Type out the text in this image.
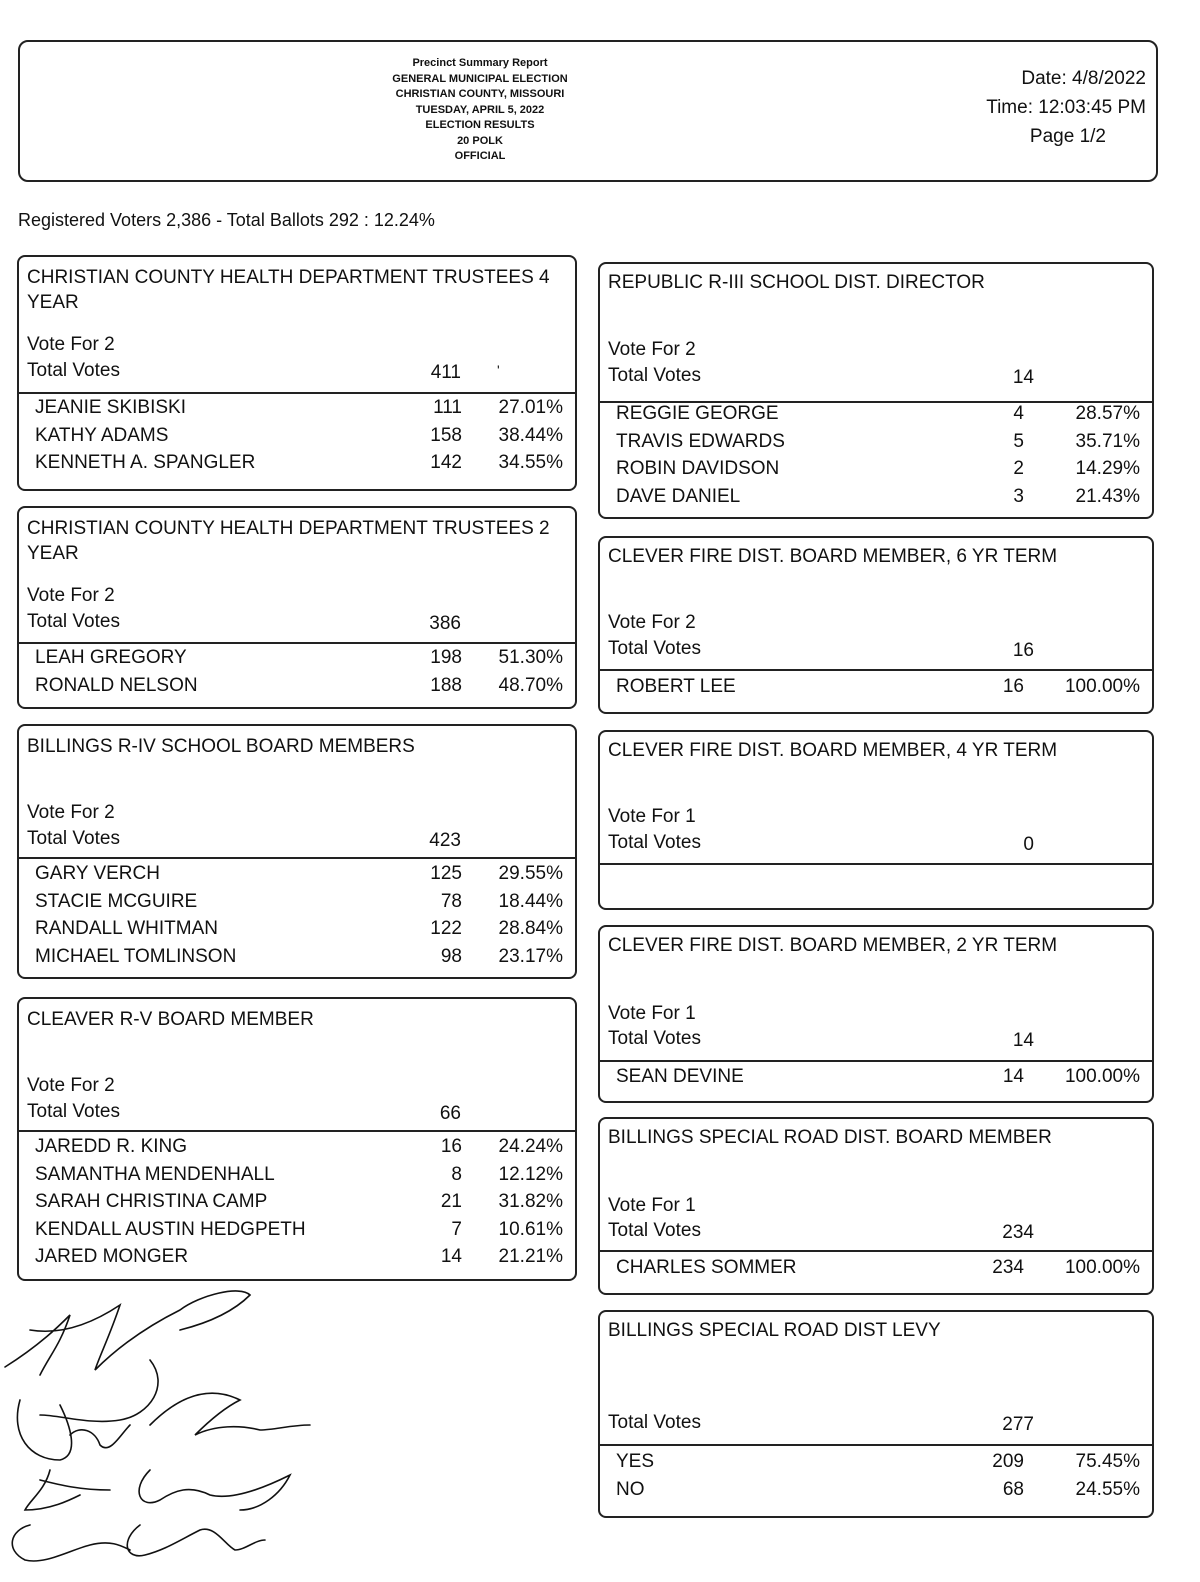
Precinct Summary Report
GENERAL MUNICIPAL ELECTION
CHRISTIAN COUNTY, MISSOURI
TUESDAY, APRIL 5, 2022
ELECTION RESULTS
20 POLK
OFFICIAL
Date: 4/8/2022
Time: 12:03:45 PM
Page 1/2
Registered Voters 2,386 - Total Ballots 292 : 12.24%
CHRISTIAN COUNTY HEALTH DEPARTMENT TRUSTEES 4 YEAR
Vote For 2
Total Votes	411	'
JEANIE SKIBISKI	111	27.01%
KATHY ADAMS	158	38.44%
KENNETH A. SPANGLER	142	34.55%
CHRISTIAN COUNTY HEALTH DEPARTMENT TRUSTEES 2 YEAR
Vote For 2
Total Votes	386
LEAH GREGORY	198	51.30%
RONALD NELSON	188	48.70%
BILLINGS R-IV SCHOOL BOARD MEMBERS
Vote For 2
Total Votes	423
GARY VERCH	125	29.55%
STACIE MCGUIRE	78	18.44%
RANDALL WHITMAN	122	28.84%
MICHAEL TOMLINSON	98	23.17%
CLEAVER R-V BOARD MEMBER
Vote For 2
Total Votes	66
JAREDD R. KING	16	24.24%
SAMANTHA MENDENHALL	8	12.12%
SARAH CHRISTINA CAMP	21	31.82%
KENDALL AUSTIN HEDGPETH	7	10.61%
JARED MONGER	14	21.21%
REPUBLIC R-III SCHOOL DIST. DIRECTOR
Vote For 2
Total Votes	14
REGGIE GEORGE	4	28.57%
TRAVIS EDWARDS	5	35.71%
ROBIN DAVIDSON	2	14.29%
DAVE DANIEL	3	21.43%
CLEVER FIRE DIST. BOARD MEMBER, 6 YR TERM
Vote For 2
Total Votes	16
ROBERT LEE	16	100.00%
CLEVER FIRE DIST. BOARD MEMBER, 4 YR TERM
Vote For 1
Total Votes	0
CLEVER FIRE DIST. BOARD MEMBER, 2 YR TERM
Vote For 1
Total Votes	14
SEAN DEVINE	14	100.00%
BILLINGS SPECIAL ROAD DIST. BOARD MEMBER
Vote For 1
Total Votes	234
CHARLES SOMMER	234	100.00%
BILLINGS SPECIAL ROAD DIST LEVY
Total Votes	277
YES	209	75.45%
NO	68	24.55%
